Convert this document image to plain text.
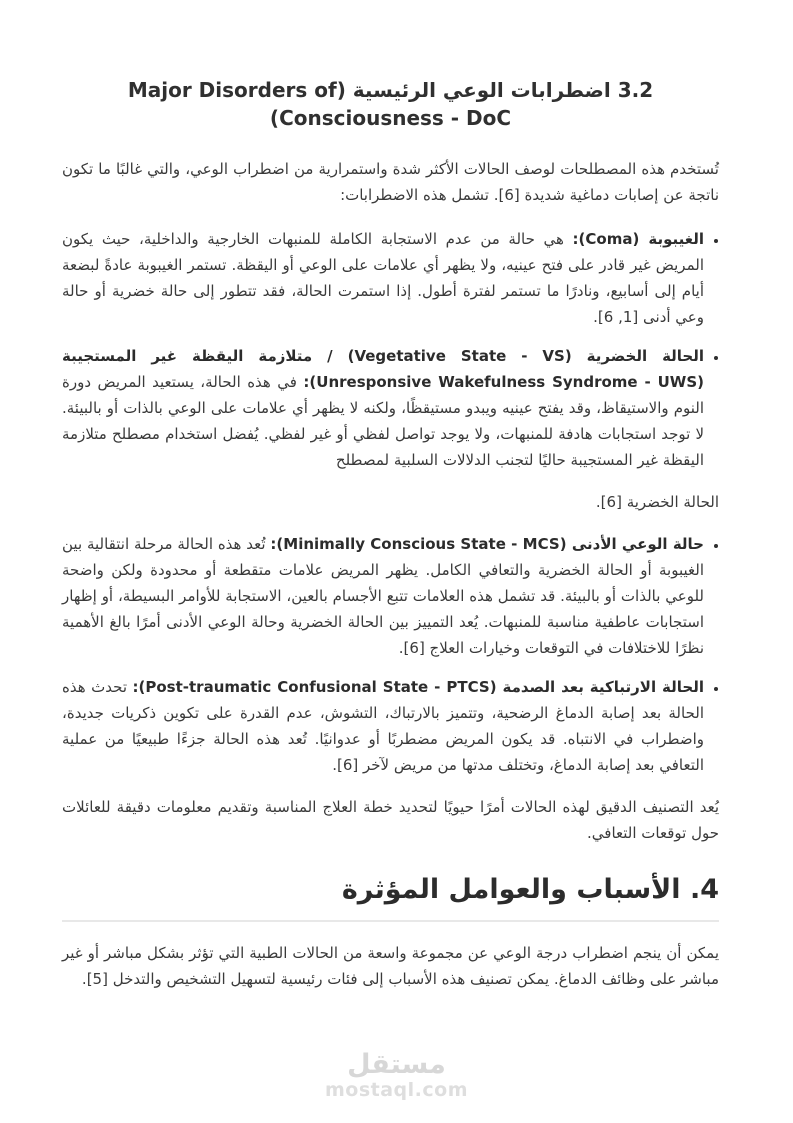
3.2 اضطرابات الوعي الرئيسية (Major Disorders of Consciousness - DoC)

تُستخدم هذه المصطلحات لوصف الحالات الأكثر شدة واستمرارية من اضطراب الوعي، والتي غالبًا ما تكون ناتجة عن إصابات دماغية شديدة [6]. تشمل هذه الاضطرابات:

• الغيبوبة (Coma): هي حالة من عدم الاستجابة الكاملة للمنبهات الخارجية والداخلية، حيث يكون المريض غير قادر على فتح عينيه، ولا يظهر أي علامات على الوعي أو اليقظة. تستمر الغيبوبة عادةً لبضعة أيام إلى أسابيع، ونادرًا ما تستمر لفترة أطول. إذا استمرت الحالة، فقد تتطور إلى حالة خضرية أو حالة وعي أدنى [1, 6].
• الحالة الخضرية (Vegetative State - VS) / متلازمة اليقظة غير المستجيبة (Unresponsive Wakefulness Syndrome - UWS): في هذه الحالة، يستعيد المريض دورة النوم والاستيقاظ، وقد يفتح عينيه ويبدو مستيقظًا، ولكنه لا يظهر أي علامات على الوعي بالذات أو بالبيئة. لا توجد استجابات هادفة للمنبهات، ولا يوجد تواصل لفظي أو غير لفظي. يُفضل استخدام مصطلح متلازمة اليقظة غير المستجيبة حاليًا لتجنب الدلالات السلبية لمصطلح

الحالة الخضرية [6].

• حالة الوعي الأدنى (Minimally Conscious State - MCS): تُعد هذه الحالة مرحلة انتقالية بين الغيبوبة أو الحالة الخضرية والتعافي الكامل. يظهر المريض علامات متقطعة أو محدودة ولكن واضحة للوعي بالذات أو بالبيئة. قد تشمل هذه العلامات تتبع الأجسام بالعين، الاستجابة للأوامر البسيطة، أو إظهار استجابات عاطفية مناسبة للمنبهات. يُعد التمييز بين الحالة الخضرية وحالة الوعي الأدنى أمرًا بالغ الأهمية نظرًا للاختلافات في التوقعات وخيارات العلاج [6].
• الحالة الارتباكية بعد الصدمة (Post-traumatic Confusional State - PTCS): تحدث هذه الحالة بعد إصابة الدماغ الرضحية، وتتميز بالارتباك، التشوش، عدم القدرة على تكوين ذكريات جديدة، واضطراب في الانتباه. قد يكون المريض مضطربًا أو عدوانيًا. تُعد هذه الحالة جزءًا طبيعيًا من عملية التعافي بعد إصابة الدماغ، وتختلف مدتها من مريض لآخر [6].

يُعد التصنيف الدقيق لهذه الحالات أمرًا حيويًا لتحديد خطة العلاج المناسبة وتقديم معلومات دقيقة للعائلات حول توقعات التعافي.

4. الأسباب والعوامل المؤثرة

يمكن أن ينجم اضطراب درجة الوعي عن مجموعة واسعة من الحالات الطبية التي تؤثر بشكل مباشر أو غير مباشر على وظائف الدماغ. يمكن تصنيف هذه الأسباب إلى فئات رئيسية لتسهيل التشخيص والتدخل [5].

مستقل
mostaql.com
